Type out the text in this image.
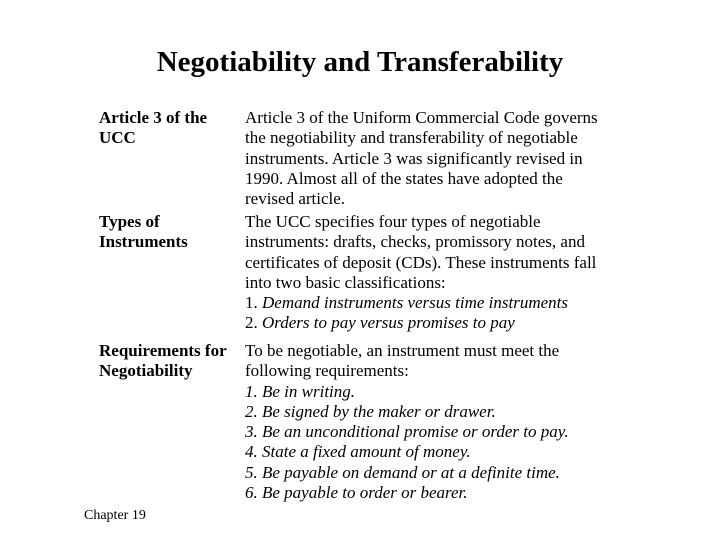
Negotiability and Transferability
Article 3 of the
UCC
Article 3 of the Uniform Commercial Code governs
the negotiability and transferability of negotiable
instruments. Article 3 was significantly revised in
1990. Almost all of the states have adopted the
revised article.
Types of
Instruments
The UCC specifies four types of negotiable
instruments: drafts, checks, promissory notes, and
certificates of deposit (CDs). These instruments fall
into two basic classifications:
1. Demand instruments versus time instruments
2. Orders to pay versus promises to pay
Requirements for
Negotiability
To be negotiable, an instrument must meet the
following requirements:
1. Be in writing.
2. Be signed by the maker or drawer.
3. Be an unconditional promise or order to pay.
4. State a fixed amount of money.
5. Be payable on demand or at a definite time.
6. Be payable to order or bearer.
Chapter 19
